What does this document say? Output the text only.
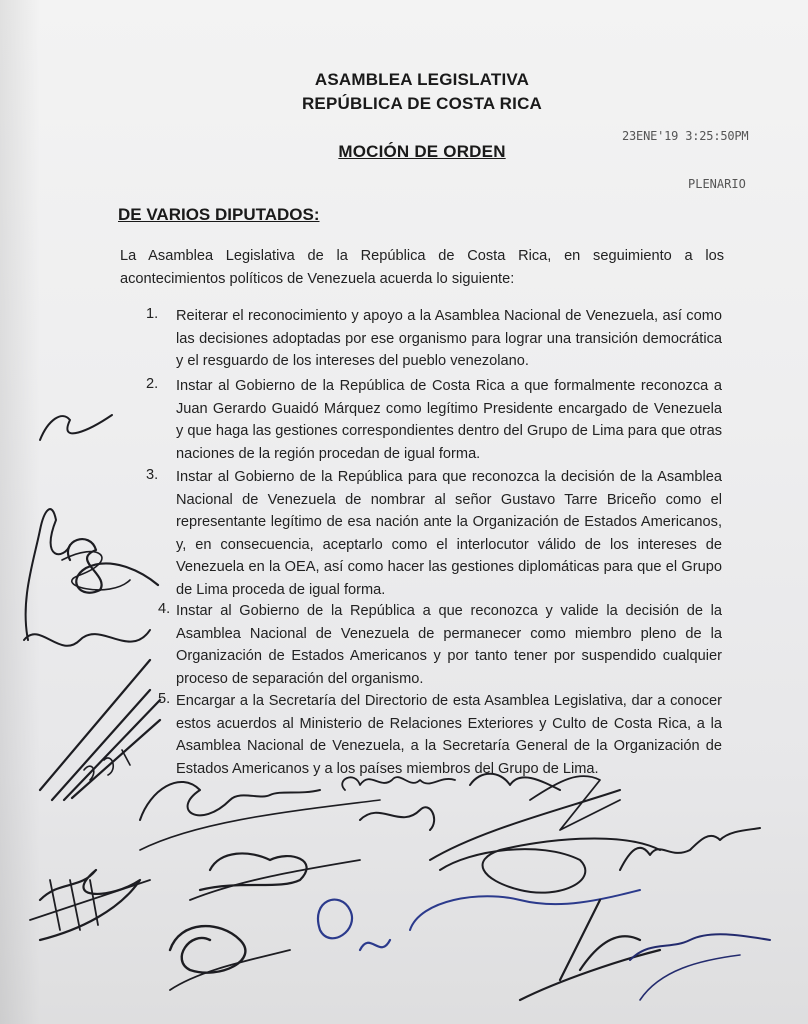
ASAMBLEA LEGISLATIVA
REPÚBLICA DE COSTA RICA
MOCIÓN DE ORDEN
23ENE'19 3:25:50PM
PLENARIO
DE VARIOS DIPUTADOS:
La Asamblea Legislativa de la República de Costa Rica, en seguimiento a los acontecimientos políticos de Venezuela acuerda lo siguiente:
1. Reiterar el reconocimiento y apoyo a la Asamblea Nacional de Venezuela, así como las decisiones adoptadas por ese organismo para lograr una transición democrática y el resguardo de los intereses del pueblo venezolano.
2. Instar al Gobierno de la República de Costa Rica a que formalmente reconozca a Juan Gerardo Guaidó Márquez como legítimo Presidente encargado de Venezuela y que haga las gestiones correspondientes dentro del Grupo de Lima para que otras naciones de la región procedan de igual forma.
3. Instar al Gobierno de la República para que reconozca la decisión de la Asamblea Nacional de Venezuela de nombrar al señor Gustavo Tarre Briceño como el representante legítimo de esa nación ante la Organización de Estados Americanos, y, en consecuencia, aceptarlo como el interlocutor válido de los intereses de Venezuela en la OEA, así como hacer las gestiones diplomáticas para que el Grupo de Lima proceda de igual forma.
4. Instar al Gobierno de la República a que reconozca y valide la decisión de la Asamblea Nacional de Venezuela de permanecer como miembro pleno de la Organización de Estados Americanos y por tanto tener por suspendido cualquier proceso de separación del organismo.
5. Encargar a la Secretaría del Directorio de esta Asamblea Legislativa, dar a conocer estos acuerdos al Ministerio de Relaciones Exteriores y Culto de Costa Rica, a la Asamblea Nacional de Venezuela, a la Secretaría General de la Organización de Estados Americanos y a los países miembros del Grupo de Lima.
